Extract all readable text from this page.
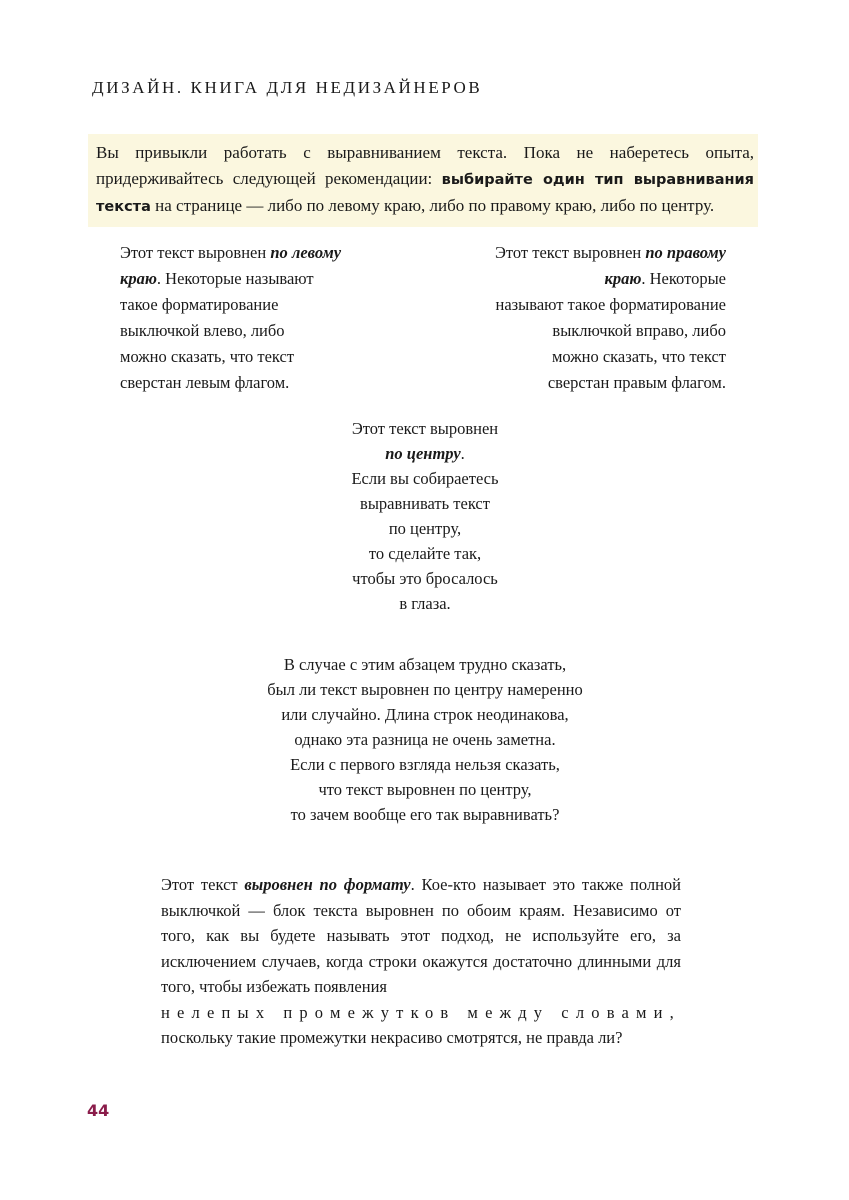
ДИЗАЙН. КНИГА ДЛЯ НЕДИЗАЙНЕРОВ
Вы привыкли работать с выравниванием текста. Пока не наберетесь опыта, придерживайтесь следующей рекомендации: выбирайте один тип выравнивания текста на странице — либо по левому краю, либо по правому краю, либо по центру.
Этот текст выровнен по левому
краю. Некоторые называют
такое форматирование
выключкой влево, либо
можно сказать, что текст
сверстан левым флагом.
Этот текст выровнен по правому
краю. Некоторые
называют такое форматирование
выключкой вправо, либо
можно сказать, что текст
сверстан правым флагом.
Этот текст выровнен
по центру.
Если вы собираетесь
выравнивать текст
по центру,
то сделайте так,
чтобы это бросалось
в глаза.
В случае с этим абзацем трудно сказать,
был ли текст выровнен по центру намеренно
или случайно. Длина строк неодинакова,
однако эта разница не очень заметна.
Если с первого взгляда нельзя сказать,
что текст выровнен по центру,
то зачем вообще его так выравнивать?
Этот текст выровнен по формату. Кое-кто называет это также полной выключкой — блок текста выровнен по обоим краям. Независимо от того, как вы будете называть этот подход, не используйте его, за исключением случаев, когда строки окажутся достаточно длинными для того, чтобы избежать появления
нелепых промежутков между словами,
поскольку такие промежутки некрасиво смотрятся, не правда ли?
44
